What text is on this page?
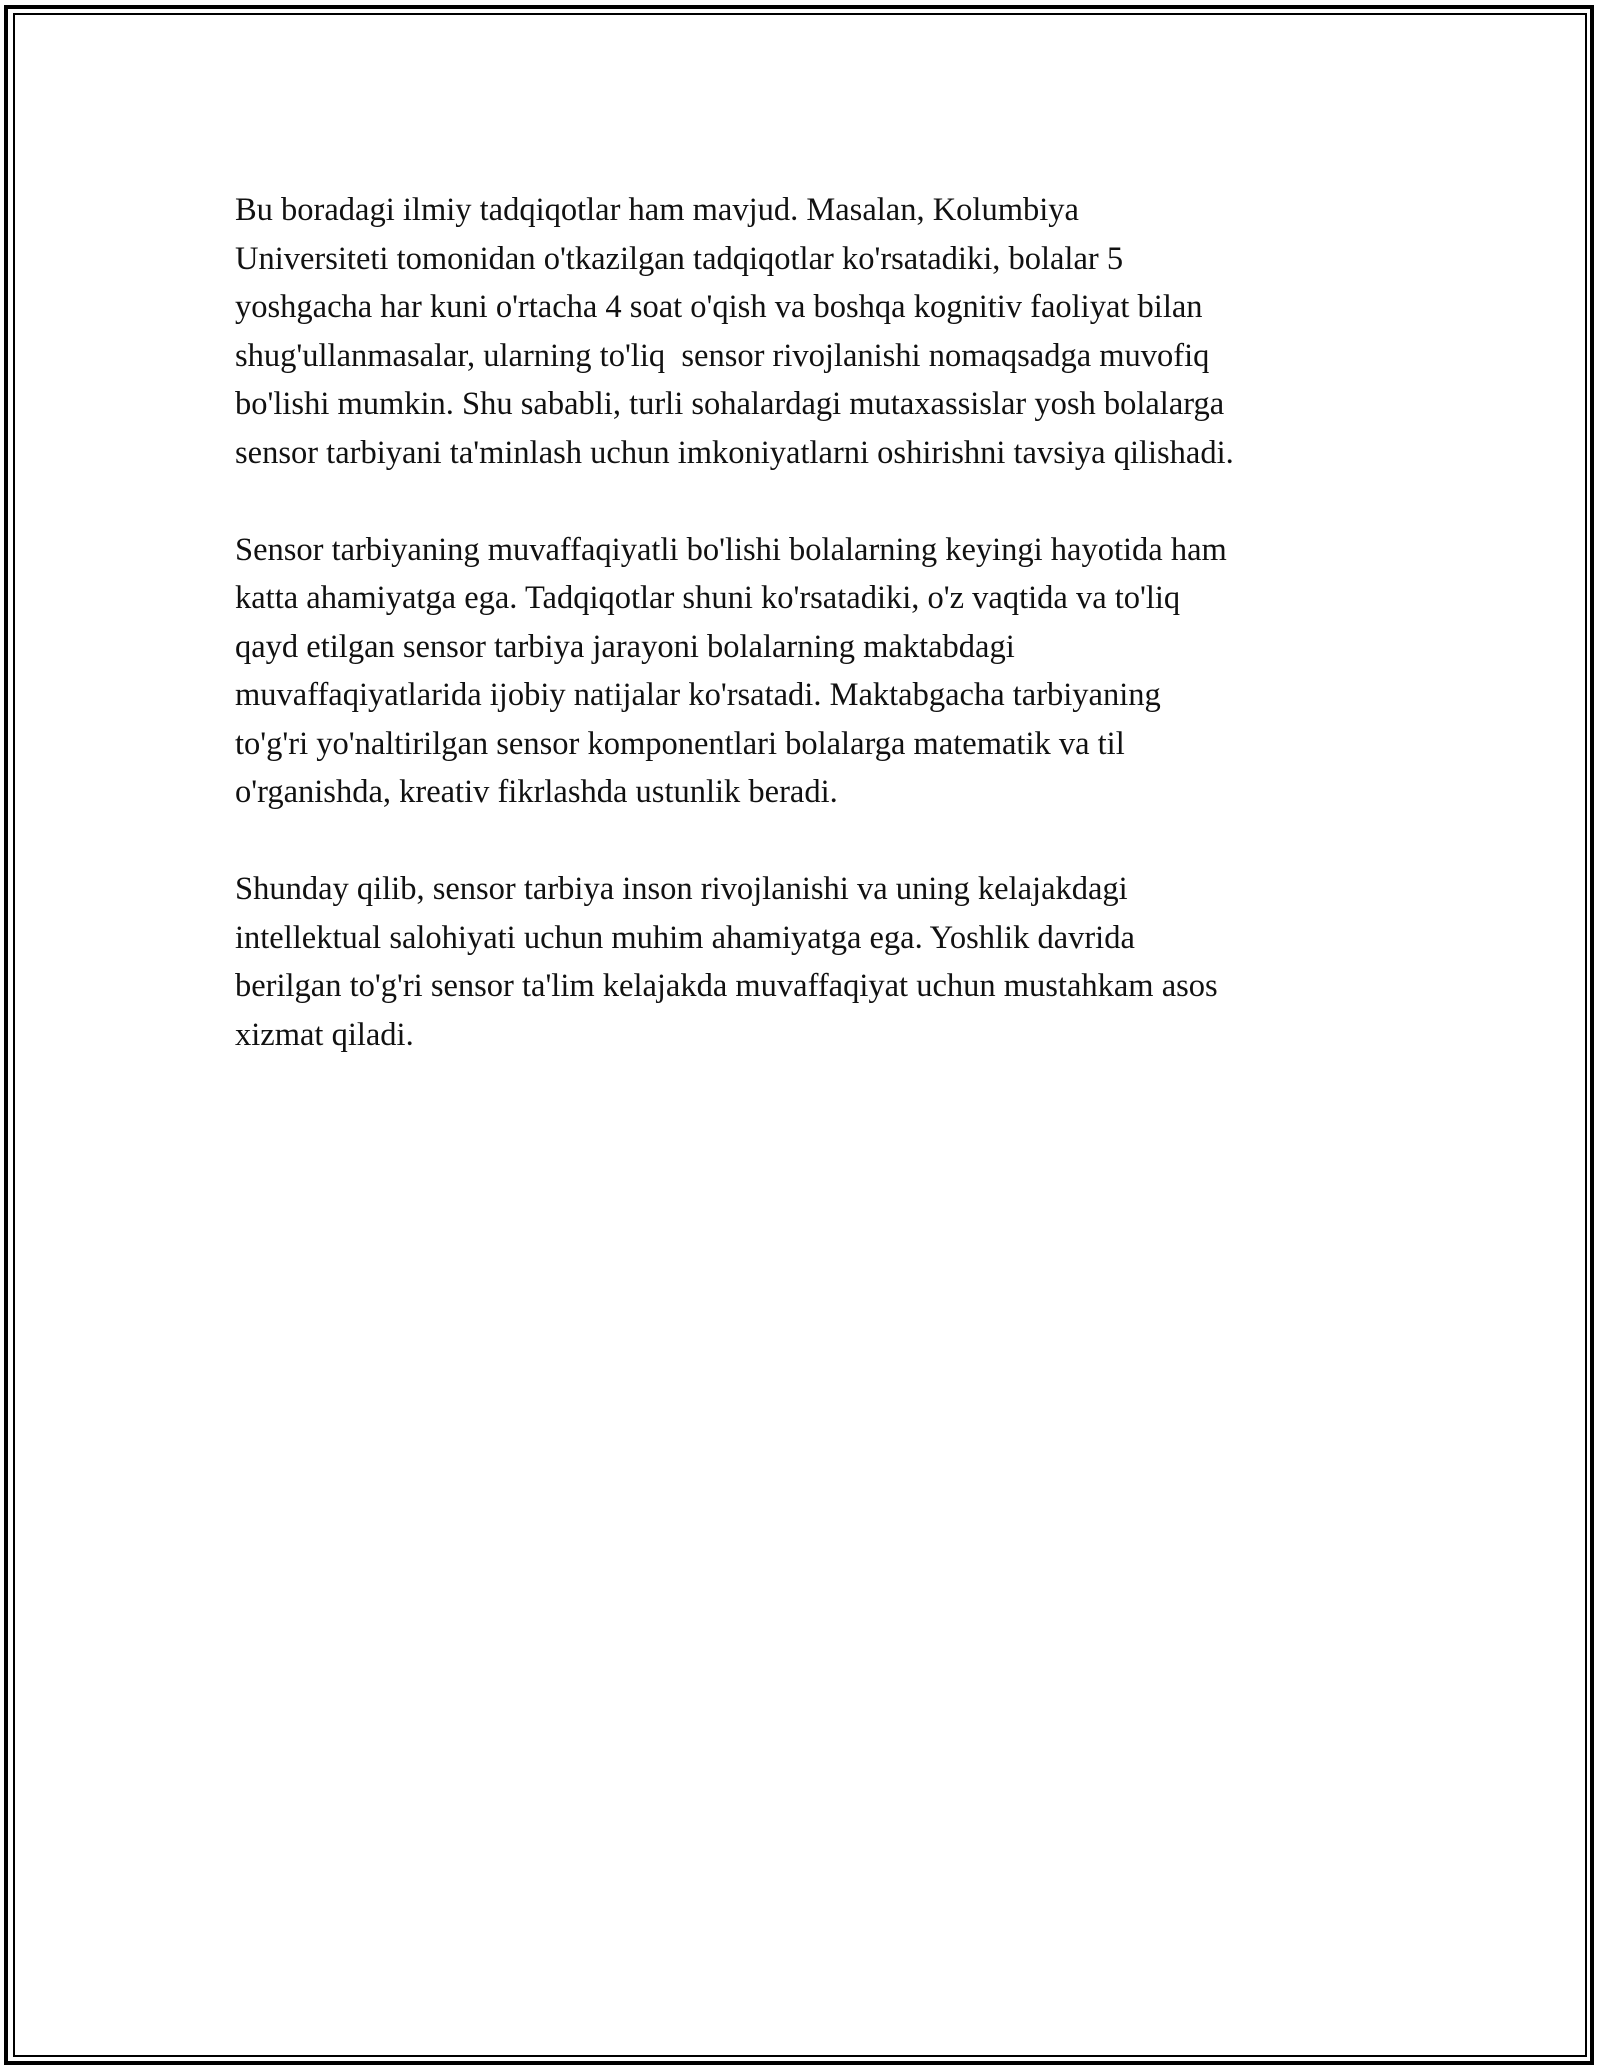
Bu boradagi ilmiy tadqiqotlar ham mavjud. Masalan, Kolumbiya
Universiteti tomonidan o'tkazilgan tadqiqotlar ko'rsatadiki, bolalar 5
yoshgacha har kuni o'rtacha 4 soat o'qish va boshqa kognitiv faoliyat bilan
shug'ullanmasalar, ularning to'liq  sensor rivojlanishi nomaqsadga muvofiq
bo'lishi mumkin. Shu sababli, turli sohalardagi mutaxassislar yosh bolalarga
sensor tarbiyani ta'minlash uchun imkoniyatlarni oshirishni tavsiya qilishadi.

Sensor tarbiyaning muvaffaqiyatli bo'lishi bolalarning keyingi hayotida ham
katta ahamiyatga ega. Tadqiqotlar shuni ko'rsatadiki, o'z vaqtida va to'liq
qayd etilgan sensor tarbiya jarayoni bolalarning maktabdagi
muvaffaqiyatlarida ijobiy natijalar ko'rsatadi. Maktabgacha tarbiyaning
to'g'ri yo'naltirilgan sensor komponentlari bolalarga matematik va til
o'rganishda, kreativ fikrlashda ustunlik beradi.

Shunday qilib, sensor tarbiya inson rivojlanishi va uning kelajakdagi
intellektual salohiyati uchun muhim ahamiyatga ega. Yoshlik davrida
berilgan to'g'ri sensor ta'lim kelajakda muvaffaqiyat uchun mustahkam asos
xizmat qiladi.
